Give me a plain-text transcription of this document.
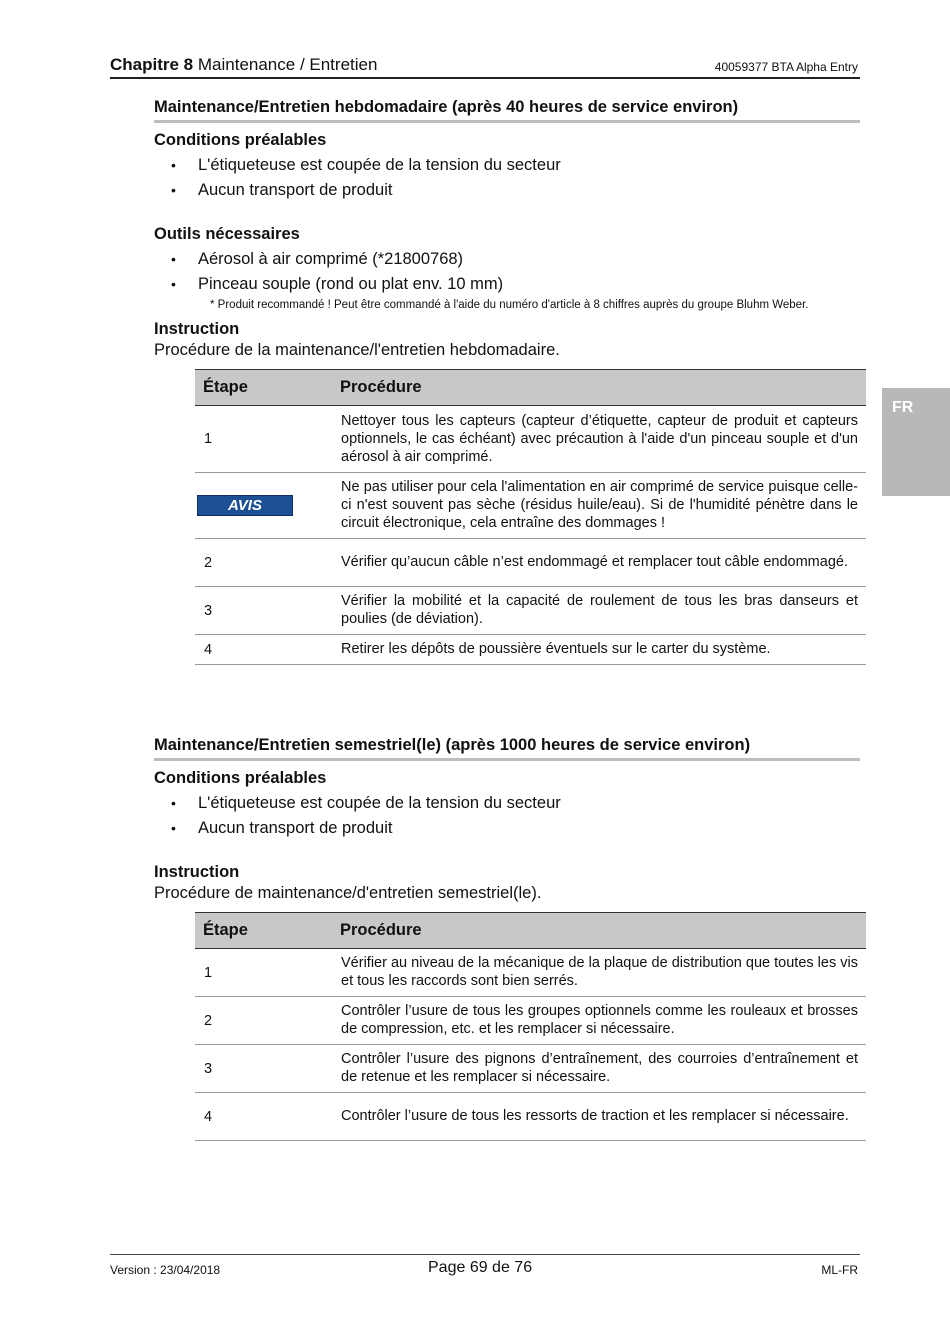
Chapitre 8 Maintenance / Entretien	40059377 BTA Alpha Entry
FR
Maintenance/Entretien hebdomadaire (après 40 heures de service environ)
Conditions préalables
• L'étiqueteuse est coupée de la tension du secteur
• Aucun transport de produit
Outils nécessaires
• Aérosol à air comprimé (*21800768)
• Pinceau souple (rond ou plat env. 10 mm)
* Produit recommandé ! Peut être commandé à l'aide du numéro d'article à 8 chiffres auprès du groupe Bluhm Weber.
Instruction
Procédure de la maintenance/l'entretien hebdomadaire.
Étape	Procédure
1	Nettoyer tous les capteurs (capteur d’étiquette, capteur de produit et capteurs optionnels, le cas échéant) avec précaution à l'aide d'un pinceau souple et d'un aérosol à air comprimé.
AVIS	Ne pas utiliser pour cela l'alimentation en air comprimé de service puisque celle-ci n'est souvent pas sèche (résidus huile/eau). Si de l'humidité pénètre dans le circuit électronique, cela entraîne des dommages !
2	Vérifier qu’aucun câble n’est endommagé et remplacer tout câble endommagé.
3	Vérifier la mobilité et la capacité de roulement de tous les bras danseurs et poulies (de déviation).
4	Retirer les dépôts de poussière éventuels sur le carter du système.
Maintenance/Entretien semestriel(le) (après 1000 heures de service environ)
Conditions préalables
• L'étiqueteuse est coupée de la tension du secteur
• Aucun transport de produit
Instruction
Procédure de maintenance/d'entretien semestriel(le).
Étape	Procédure
1	Vérifier au niveau de la mécanique de la plaque de distribution que toutes les vis et tous les raccords sont bien serrés.
2	Contrôler l’usure de tous les groupes optionnels comme les rouleaux et brosses de compression, etc. et les remplacer si nécessaire.
3	Contrôler l’usure des pignons d’entraînement, des courroies d’entraînement et de retenue et les remplacer si nécessaire.
4	Contrôler l’usure de tous les ressorts de traction et les remplacer si nécessaire.
Version : 23/04/2018	Page 69 de 76	ML-FR
